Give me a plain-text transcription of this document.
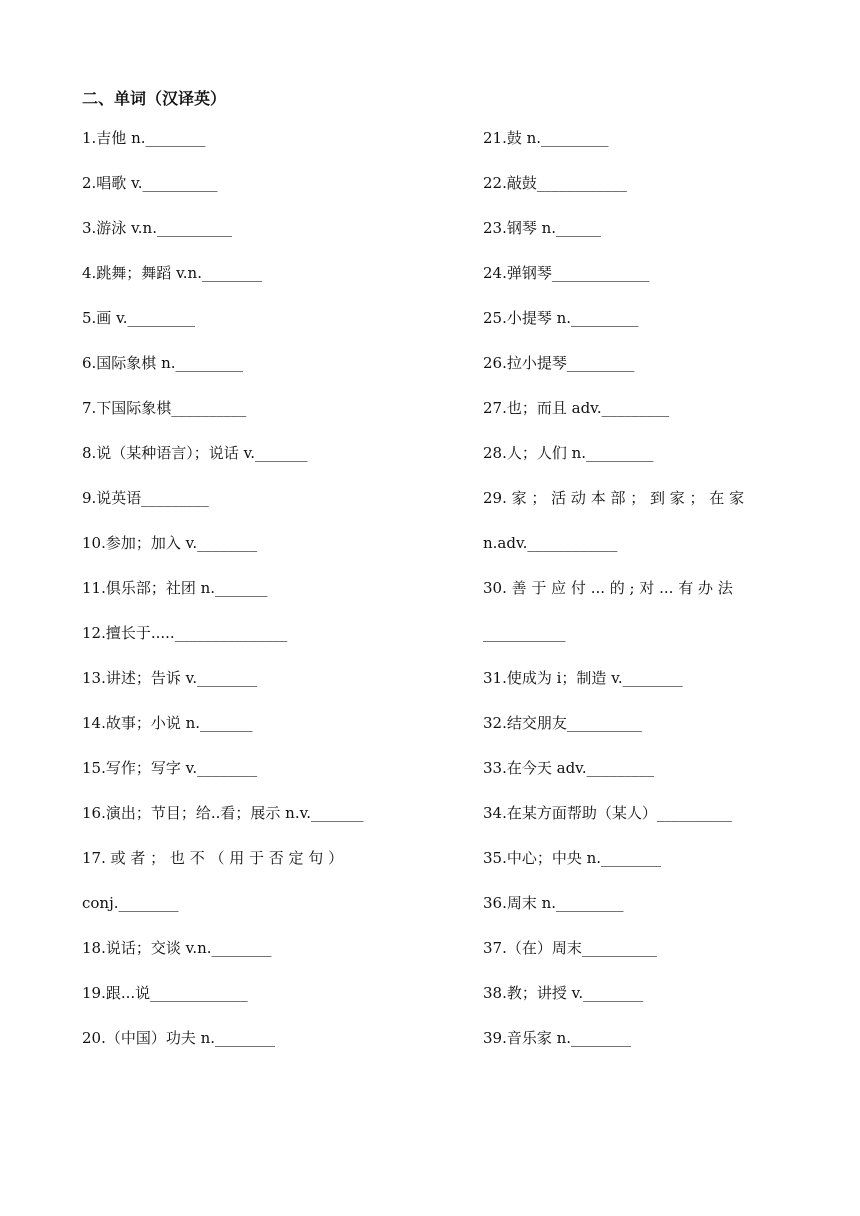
二、单词（汉译英）
1.吉他 n.________
2.唱歌 v.__________
3.游泳 v.n.__________
4.跳舞；舞蹈 v.n.________
5.画 v._________
6.国际象棋 n._________
7.下国际象棋__________
8.说（某种语言）；说话 v._______
9.说英语_________
10.参加；加入 v.________
11.俱乐部；社团 n._______
12.擅长于....._______________
13.讲述；告诉 v.________
14.故事；小说 n._______
15.写作；写字 v.________
16.演出；节目；给..看；展示 n.v._______
17. 或 者 ； 也 不 （ 用 于 否 定 句 ）
conj.________
18.说话；交谈 v.n.________
19.跟...说_____________
20.（中国）功夫 n.________
21.鼓 n._________
22.敲鼓____________
23.钢琴 n.______
24.弹钢琴_____________
25.小提琴 n._________
26.拉小提琴_________
27.也；而且 adv._________
28.人；人们 n._________
29. 家 ； 活 动 本 部 ； 到 家 ； 在 家
n.adv.____________
30. 善 于 应 付 ... 的 ; 对 ... 有 办 法
___________
31.使成为 i；制造 v.________
32.结交朋友__________
33.在今天 adv._________
34.在某方面帮助（某人）__________
35.中心；中央 n.________
36.周末 n._________
37.（在）周末__________
38.教；讲授 v.________
39.音乐家 n.________
